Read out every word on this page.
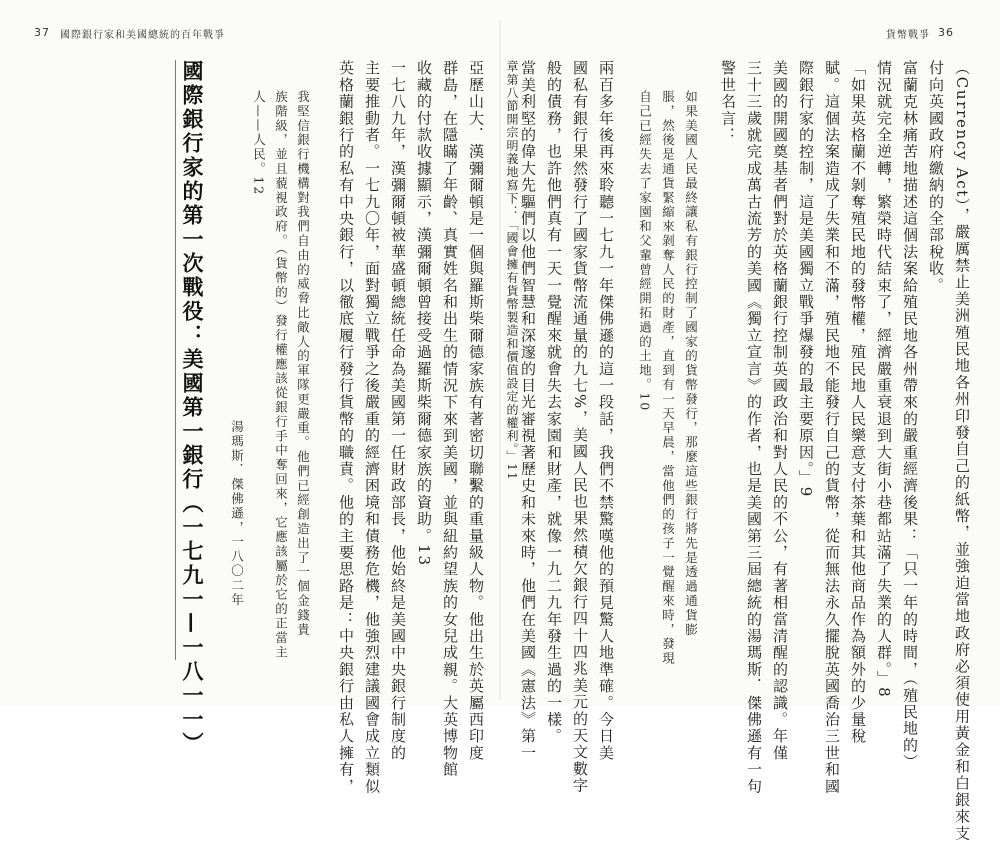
37 國際銀行家和美國總統的百年戰爭
亞歷山大．漢彌爾頓是一個與羅斯柴爾德家族有著密切聯繫的重量級人物。他出生於英屬西印度
群島，在隱瞞了年齡、真實姓名和出生的情況下來到美國，並與紐約望族的女兒成親。大英博物館
收藏的付款收據顯示，漢彌爾頓曾接受過羅斯柴爾德家族的資助。13
一七八九年，漢彌爾頓被華盛頓總統任命為美國第一任財政部長，他始終是美國中央銀行制度的
主要推動者。一七九〇年，面對獨立戰爭之後嚴重的經濟困境和債務危機，他強烈建議國會成立類似
英格蘭銀行的私有中央銀行，以徹底履行發行貨幣的職責。他的主要思路是：中央銀行由私人擁有，
我堅信銀行機構對我們自由的威脅比敵人的軍隊更嚴重。他們已經創造出了一個金錢貴
族階級，並且藐視政府。（貨幣的）發行權應該從銀行手中奪回來，它應該屬於它的正當主
人——人民。12
湯瑪斯．傑佛遜，一八〇二年
國際銀行家的第一次戰役：美國第一銀行（一七九一—一八一一）
貨幣戰爭 36
（Currency Act），嚴厲禁止美洲殖民地各州印發自己的紙幣，並強迫當地政府必須使用黃金和白銀來支
付向英國政府繳納的全部稅收。
富蘭克林痛苦地描述這個法案給殖民地各州帶來的嚴重經濟後果：「只一年的時間，（殖民地的）
情況就完全逆轉，繁榮時代結束了，經濟嚴重衰退到大街小巷都站滿了失業的人群。」8
「如果英格蘭不剝奪殖民地的發幣權，殖民地人民樂意支付茶葉和其他商品作為額外的少量稅
賦。這個法案造成了失業和不滿，殖民地不能發行自己的貨幣，從而無法永久擺脫英國喬治三世和國
際銀行家的控制，這是美國獨立戰爭爆發的最主要原因。」9
美國的開國奠基者們對於英格蘭銀行控制英國政治和對人民的不公，有著相當清醒的認識。年僅
三十三歲就完成萬古流芳的美國《獨立宣言》的作者，也是美國第三屆總統的湯瑪斯．傑佛遜有一句
警世名言：
如果美國人民最終讓私有銀行控制了國家的貨幣發行，那麼這些銀行將先是透過通貨膨
脹，然後是通貨緊縮來剝奪人民的財產，直到有一天早晨，當他們的孩子一覺醒來時，發現
自己已經失去了家園和父輩曾經開拓過的土地。10
兩百多年後再來聆聽一七九一年傑佛遜的這一段話，我們不禁驚嘆他的預見驚人地準確。今日美
國私有銀行果然發行了國家貨幣流通量的九七%，美國人民也果然積欠銀行四十四兆美元的天文數字
般的債務，也許他們真有一天一覺醒來就會失去家園和財產，就像一九二九年發生過的一樣。
當美利堅的偉大先驅們以他們智慧和深邃的目光審視著歷史和未來時，他們在美國《憲法》第一
章第八節開宗明義地寫下：「國會擁有貨幣製造和價值設定的權利。」11
